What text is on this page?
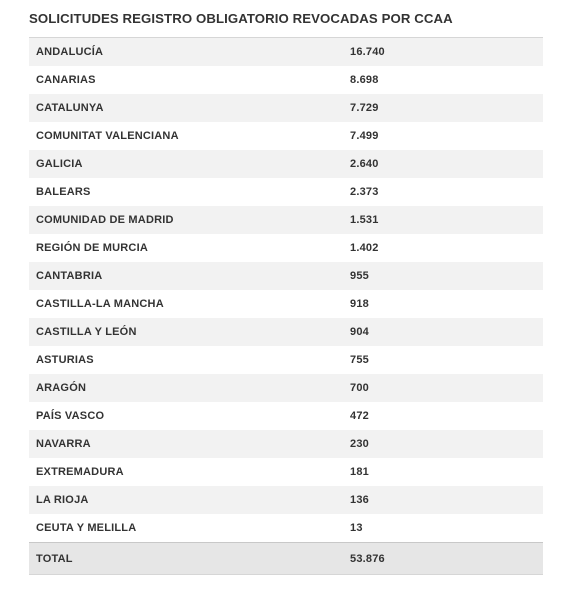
SOLICITUDES REGISTRO OBLIGATORIO REVOCADAS POR CCAA
ANDALUCÍA	16.740
CANARIAS	8.698
CATALUNYA	7.729
COMUNITAT VALENCIANA	7.499
GALICIA	2.640
BALEARS	2.373
COMUNIDAD DE MADRID	1.531
REGIÓN DE MURCIA	1.402
CANTABRIA	955
CASTILLA-LA MANCHA	918
CASTILLA Y LEÓN	904
ASTURIAS	755
ARAGÓN	700
PAÍS VASCO	472
NAVARRA	230
EXTREMADURA	181
LA RIOJA	136
CEUTA Y MELILLA	13
TOTAL	53.876
